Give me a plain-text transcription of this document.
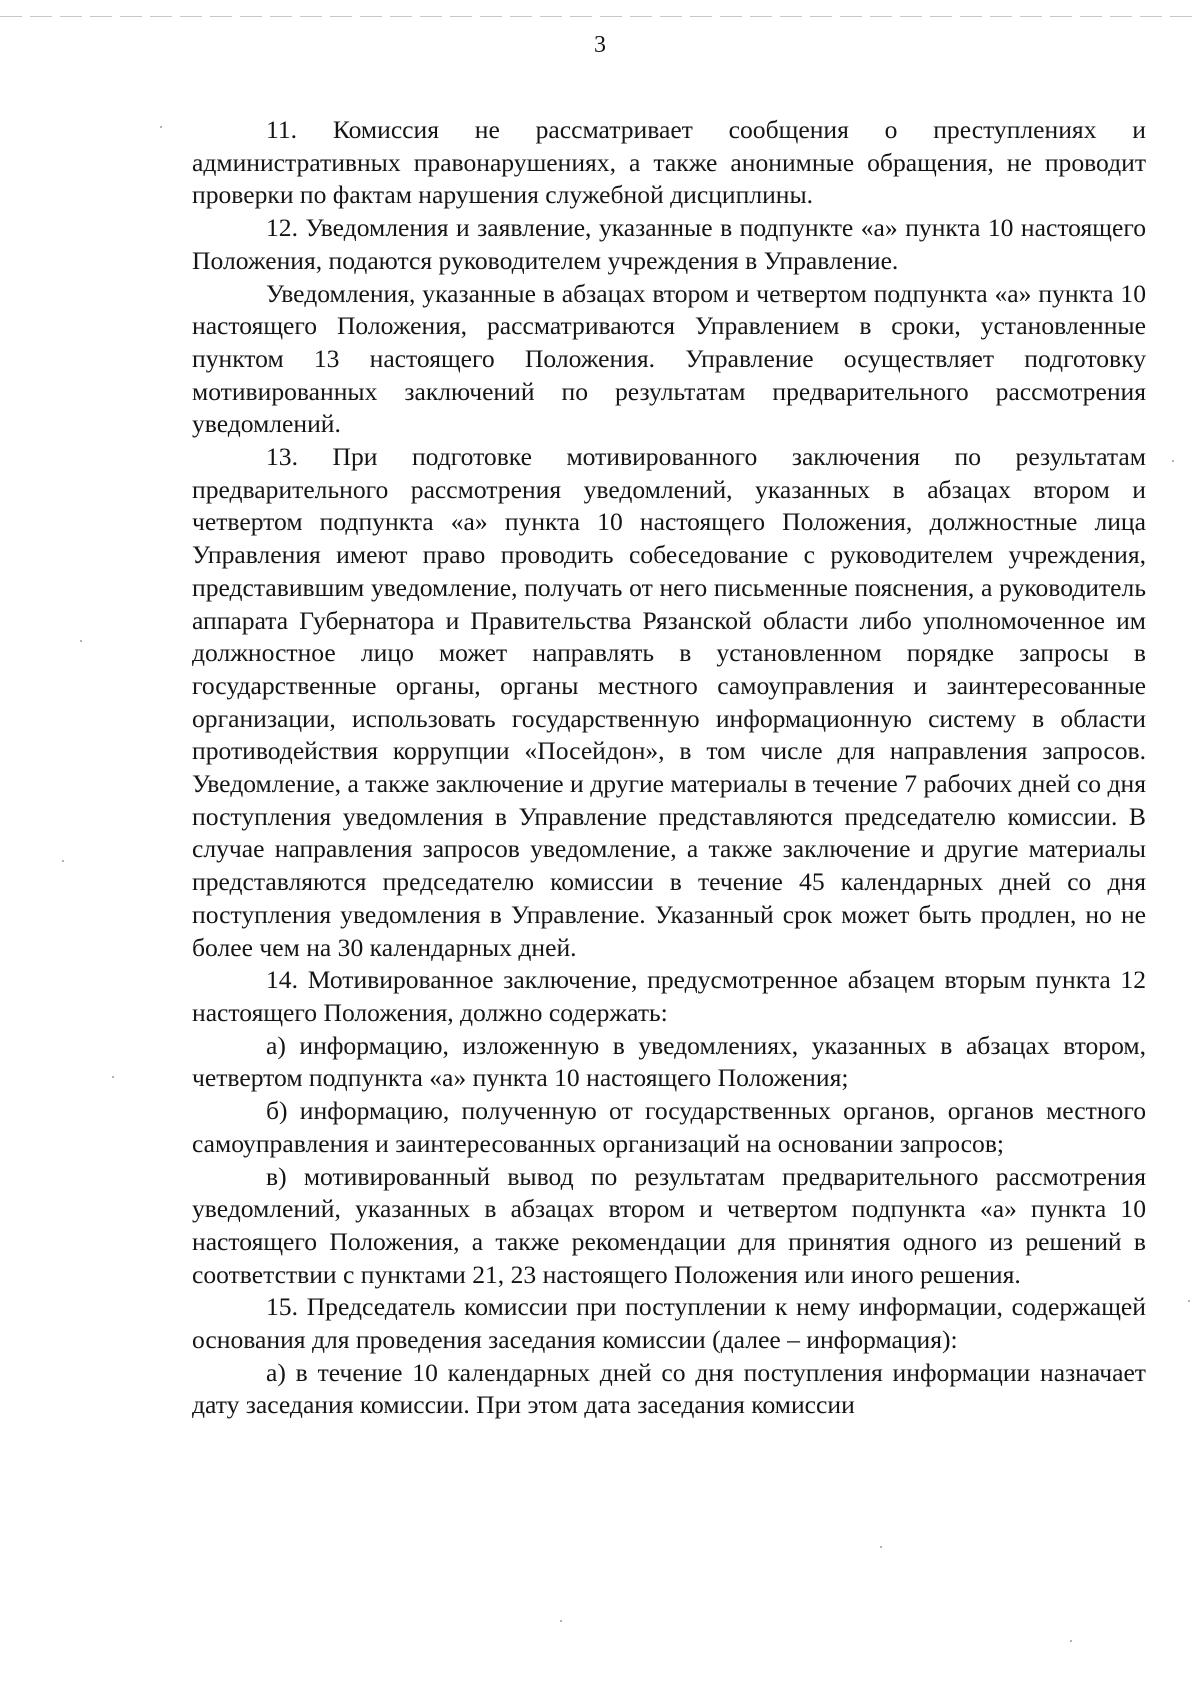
3

11. Комиссия не рассматривает сообщения о преступлениях и административных правонарушениях, а также анонимные обращения, не проводит проверки по фактам нарушения служебной дисциплины.

12. Уведомления и заявление, указанные в подпункте «а» пункта 10 настоящего Положения, подаются руководителем учреждения в Управление.

Уведомления, указанные в абзацах втором и четвертом подпункта «а» пункта 10 настоящего Положения, рассматриваются Управлением в сроки, установленные пунктом 13 настоящего Положения. Управление осуществляет подготовку мотивированных заключений по результатам предварительного рассмотрения уведомлений.

13. При подготовке мотивированного заключения по результатам предварительного рассмотрения уведомлений, указанных в абзацах втором и четвертом подпункта «а» пункта 10 настоящего Положения, должностные лица Управления имеют право проводить собеседование с руководителем учреждения, представившим уведомление, получать от него письменные пояснения, а руководитель аппарата Губернатора и Правительства Рязанской области либо уполномоченное им должностное лицо может направлять в установленном порядке запросы в государственные органы, органы местного самоуправления и заинтересованные организации, использовать государственную информационную систему в области противодействия коррупции «Посейдон», в том числе для направления запросов. Уведомление, а также заключение и другие материалы в течение 7 рабочих дней со дня поступления уведомления в Управление представляются председателю комиссии. В случае направления запросов уведомление, а также заключение и другие материалы представляются председателю комиссии в течение 45 календарных дней со дня поступления уведомления в Управление. Указанный срок может быть продлен, но не более чем на 30 календарных дней.

14. Мотивированное заключение, предусмотренное абзацем вторым пункта 12 настоящего Положения, должно содержать:

а) информацию, изложенную в уведомлениях, указанных в абзацах втором, четвертом подпункта «а» пункта 10 настоящего Положения;

б) информацию, полученную от государственных органов, органов местного самоуправления и заинтересованных организаций на основании запросов;

в) мотивированный вывод по результатам предварительного рассмотрения уведомлений, указанных в абзацах втором и четвертом подпункта «а» пункта 10 настоящего Положения, а также рекомендации для принятия одного из решений в соответствии с пунктами 21, 23 настоящего Положения или иного решения.

15. Председатель комиссии при поступлении к нему информации, содержащей основания для проведения заседания комиссии (далее – информация):

а) в течение 10 календарных дней со дня поступления информации назначает дату заседания комиссии. При этом дата заседания комиссии
